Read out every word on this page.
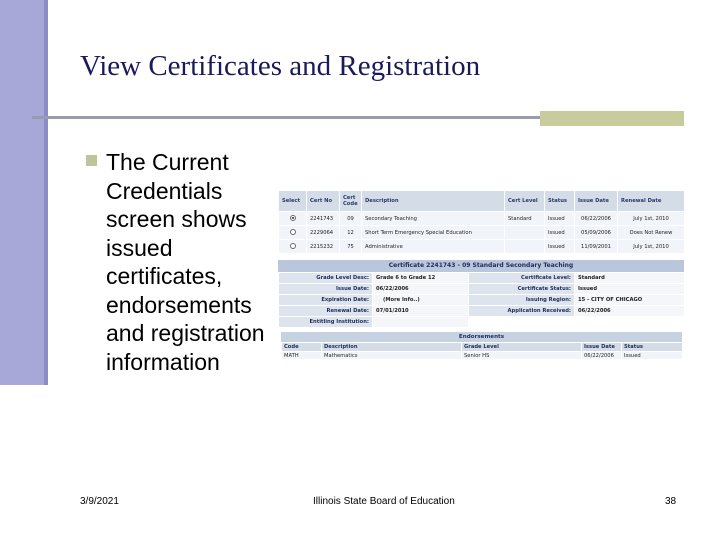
View Certificates and Registration
The Current Credentials screen shows issued certificates, endorsements and registration information
Select	Cert No	Cert Code	Description	Cert Level	Status	Issue Date	Renewal Date
	2241743	09	Secondary Teaching	Standard	Issued	06/22/2006	July 1st, 2010
	2229064	12	Short Term Emergency Special Education		Issued	05/09/2006	Does Not Renew
	2215232	75	Administrative		Issued	11/09/2001	July 1st, 2010
Certificate 2241743 - 09 Standard Secondary Teaching
Grade Level Desc:	Grade 6 to Grade 12	Certificate Level:	Standard
Issue Date:	06/22/2006	Certificate Status:	Issued
Expiration Date:	(More Info..)	Issuing Region:	15 - CITY OF CHICAGO
Renewal Date:	07/01/2010	Application Received:	06/22/2006
Entitling Institution:			
Endorsements
Code	Description	Grade Level	Issue Date	Status
MATH	Mathematics	Senior HS	06/22/2006	Issued
3/9/2021	Illinois State Board of Education	38
